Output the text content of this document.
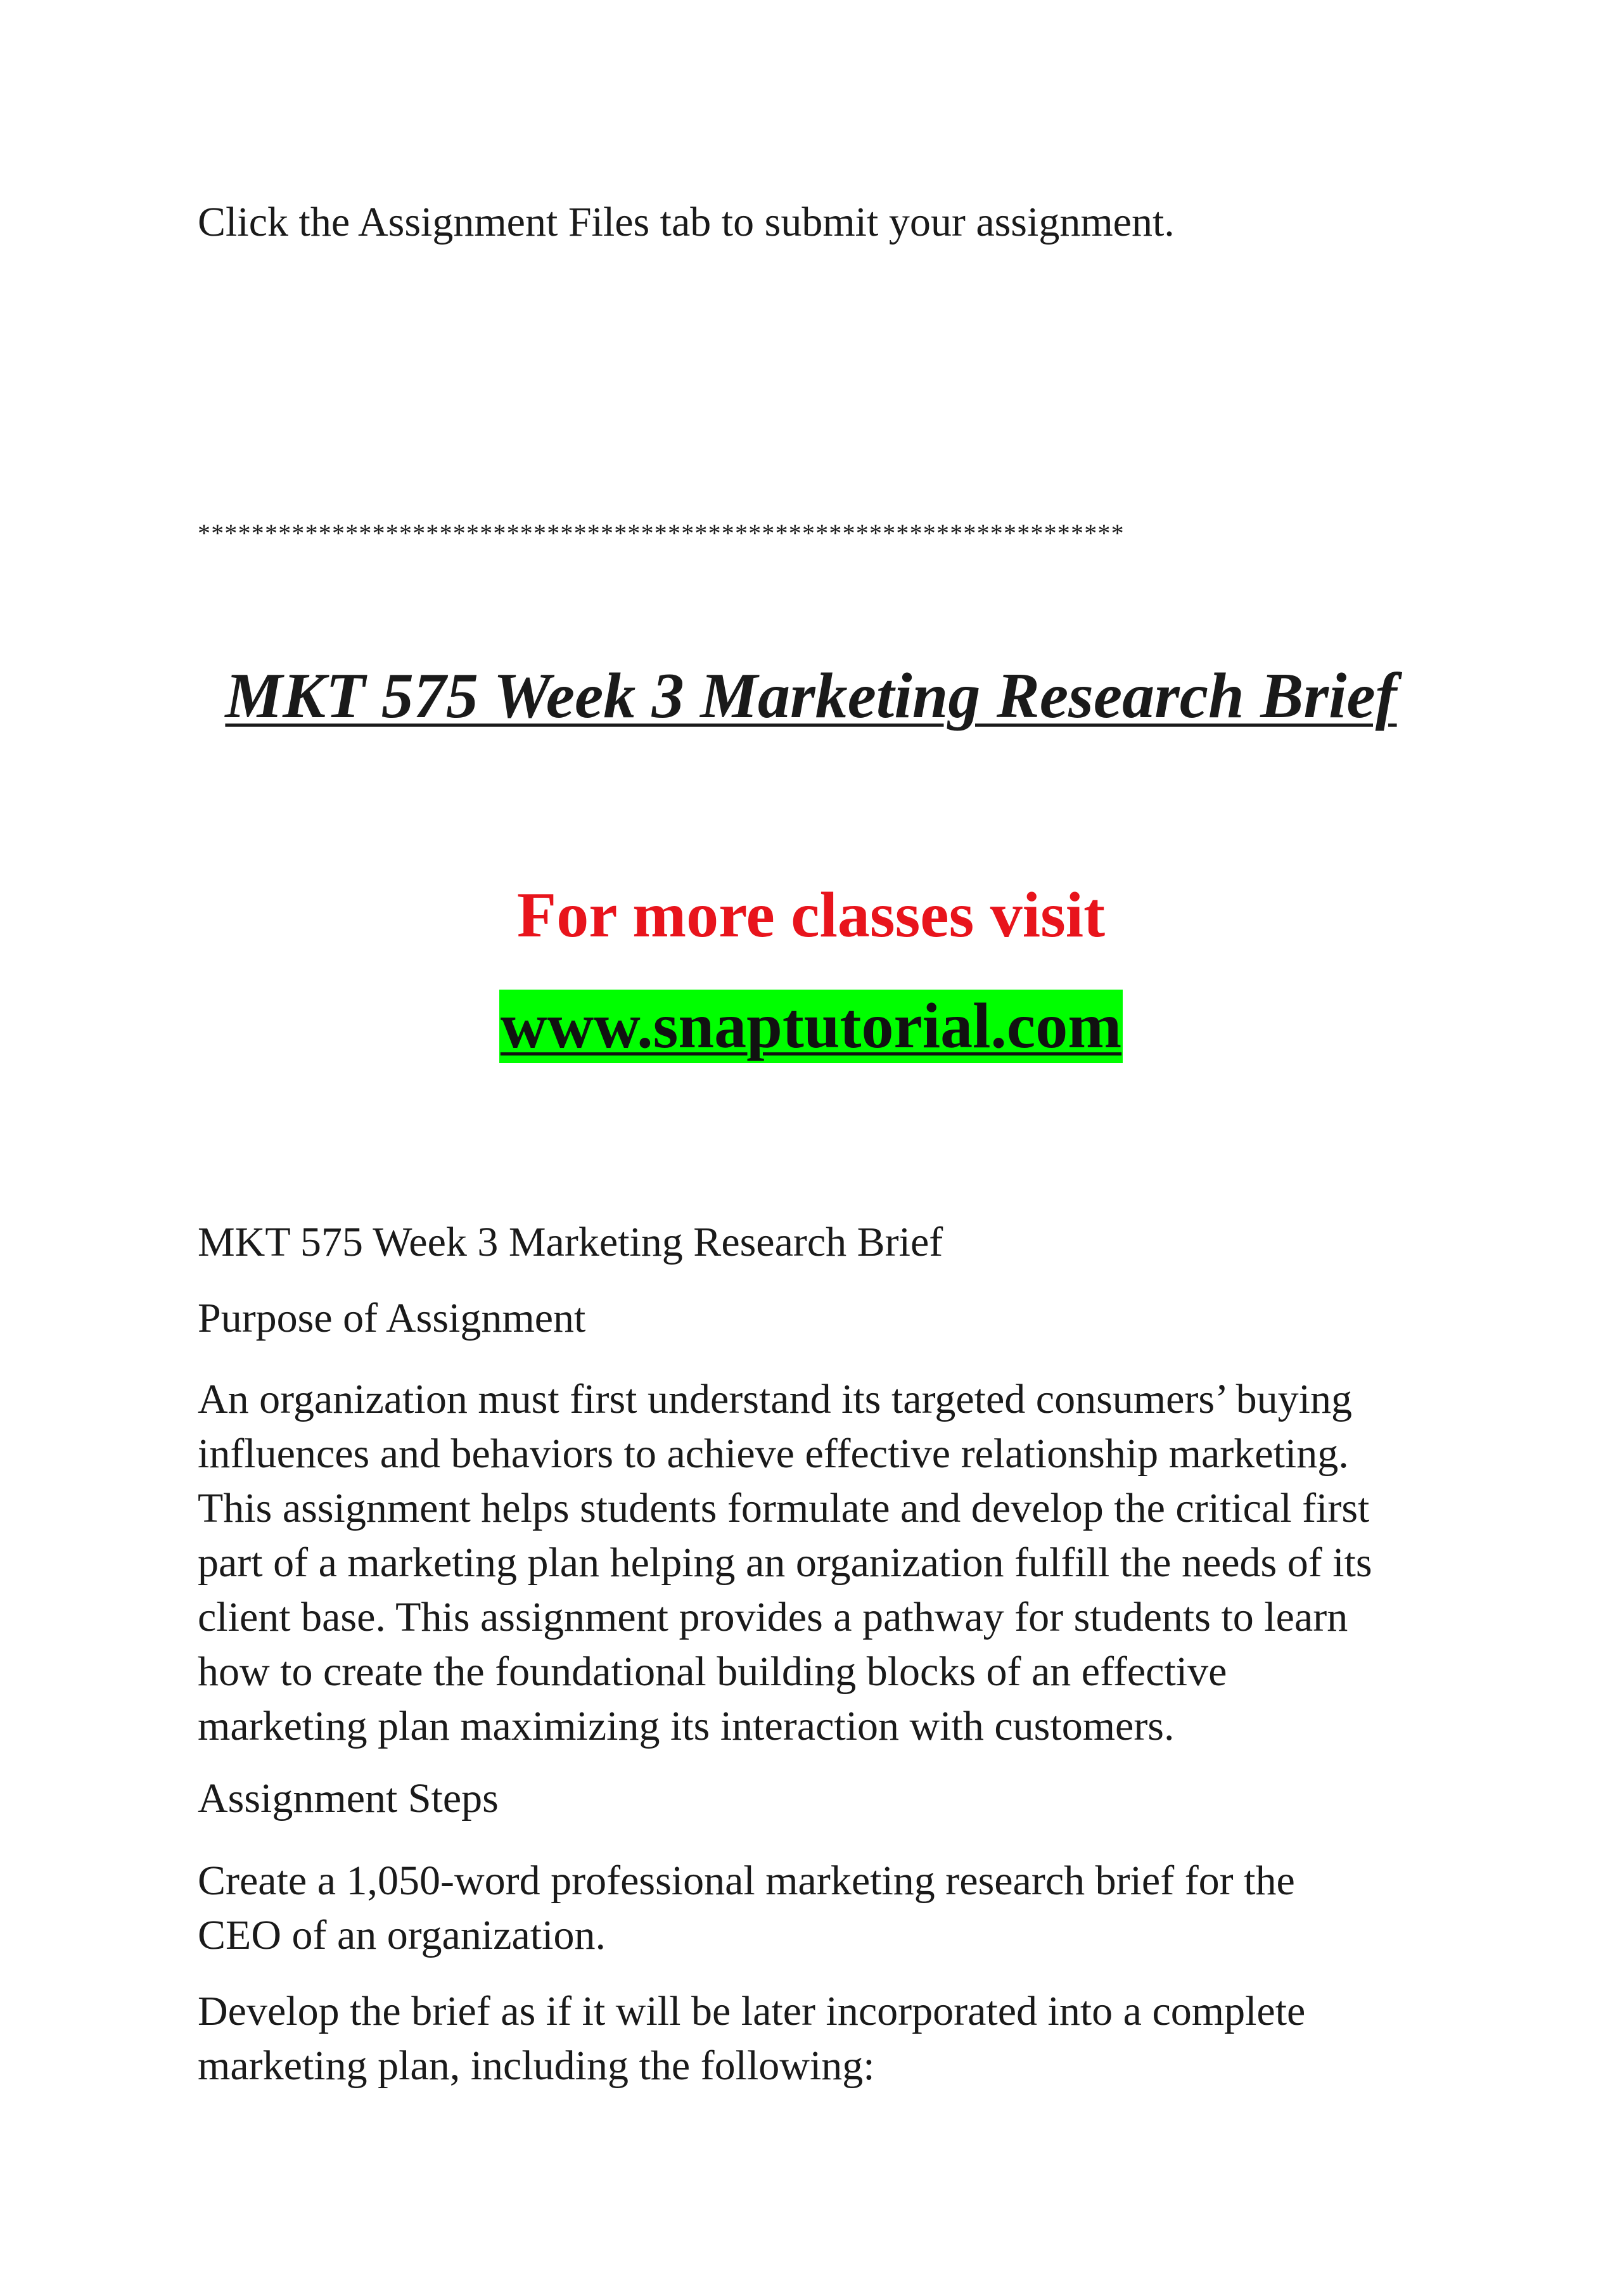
Click the Assignment Files tab to submit your assignment.

*********************************************************************

MKT 575 Week 3 Marketing Research Brief

For more classes visit

www.snaptutorial.com

MKT 575 Week 3 Marketing Research Brief

Purpose of Assignment

An organization must first understand its targeted consumers’ buying
influences and behaviors to achieve effective relationship marketing.
This assignment helps students formulate and develop the critical first
part of a marketing plan helping an organization fulfill the needs of its
client base. This assignment provides a pathway for students to learn
how to create the foundational building blocks of an effective
marketing plan maximizing its interaction with customers.

Assignment Steps

Create a 1,050-word professional marketing research brief for the
CEO of an organization.

Develop the brief as if it will be later incorporated into a complete
marketing plan, including the following:
